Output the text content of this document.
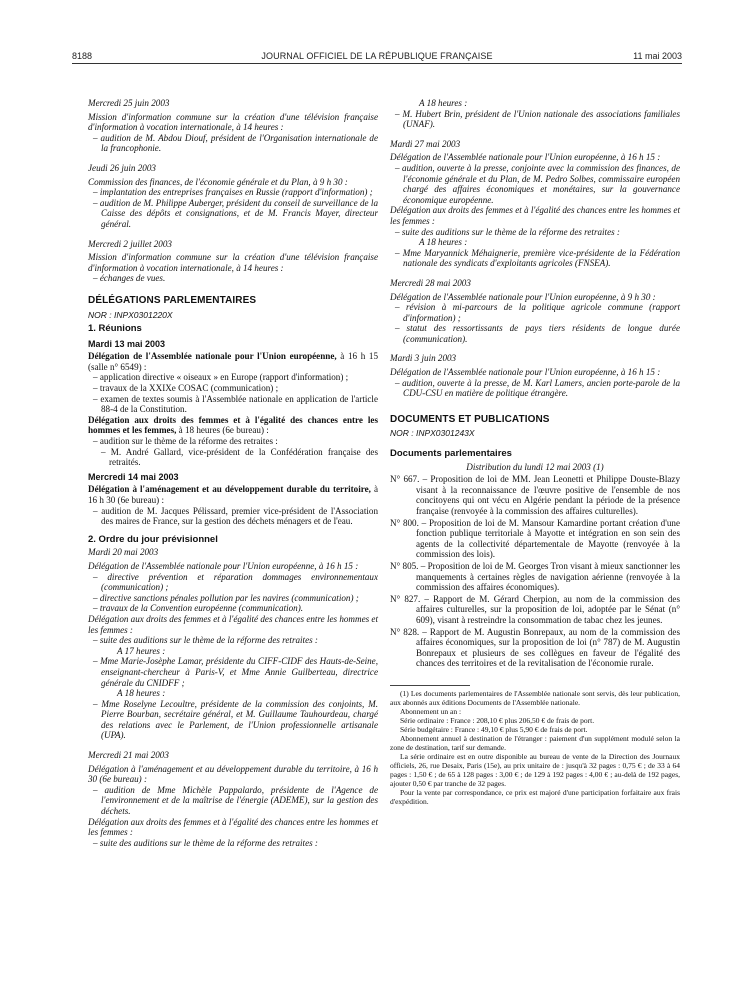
8188	JOURNAL OFFICIEL DE LA RÉPUBLIQUE FRANÇAISE	11 mai 2003

Mercredi 25 juin 2003

Mission d'information commune sur la création d'une télévision française d'information à vocation internationale, à 14 heures :

– audition de M. Abdou Diouf, président de l'Organisation internationale de la francophonie.

Jeudi 26 juin 2003

Commission des finances, de l'économie générale et du Plan, à 9 h 30 :

– implantation des entreprises françaises en Russie (rapport d'information) ;

– audition de M. Philippe Auberger, président du conseil de surveillance de la Caisse des dépôts et consignations, et de M. Francis Mayer, directeur général.

Mercredi 2 juillet 2003

Mission d'information commune sur la création d'une télévision française d'information à vocation internationale, à 14 heures :

– échanges de vues.

DÉLÉGATIONS PARLEMENTAIRES

NOR : INPX0301220X

1. Réunions

Mardi 13 mai 2003

Délégation de l'Assemblée nationale pour l'Union européenne, à 16 h 15 (salle n° 6549) :

– application directive « oiseaux » en Europe (rapport d'information) ;

– travaux de la XXIXe COSAC (communication) ;

– examen de textes soumis à l'Assemblée nationale en application de l'article 88-4 de la Constitution.

Délégation aux droits des femmes et à l'égalité des chances entre les hommes et les femmes, à 18 heures (6e bureau) :

– audition sur le thème de la réforme des retraites :

– M. André Gallard, vice-président de la Confédération française des retraités.

Mercredi 14 mai 2003

Délégation à l'aménagement et au développement durable du territoire, à 16 h 30 (6e bureau) :

– audition de M. Jacques Pélissard, premier vice-président de l'Association des maires de France, sur la gestion des déchets ménagers et de l'eau.

2. Ordre du jour prévisionnel

Mardi 20 mai 2003

Délégation de l'Assemblée nationale pour l'Union européenne, à 16 h 15 :

– directive prévention et réparation dommages environnementaux (communication) ;

– directive sanctions pénales pollution par les navires (communication) ;

– travaux de la Convention européenne (communication).

Délégation aux droits des femmes et à l'égalité des chances entre les hommes et les femmes :

– suite des auditions sur le thème de la réforme des retraites :

A 17 heures :

– Mme Marie-Josèphe Lamar, présidente du CIFF-CIDF des Hauts-de-Seine, enseignant-chercheur à Paris-V, et Mme Annie Guilberteau, directrice générale du CNIDFF ;

A 18 heures :

– Mme Roselyne Lecoultre, présidente de la commission des conjoints, M. Pierre Bourban, secrétaire général, et M. Guillaume Tauhourdeau, chargé des relations avec le Parlement, de l'Union professionnelle artisanale (UPA).

Mercredi 21 mai 2003

Délégation à l'aménagement et au développement durable du territoire, à 16 h 30 (6e bureau) :

– audition de Mme Michèle Pappalardo, présidente de l'Agence de l'environnement et de la maîtrise de l'énergie (ADEME), sur la gestion des déchets.

Délégation aux droits des femmes et à l'égalité des chances entre les hommes et les femmes :

– suite des auditions sur le thème de la réforme des retraites :

A 18 heures :

– M. Hubert Brin, président de l'Union nationale des associations familiales (UNAF).

Mardi 27 mai 2003

Délégation de l'Assemblée nationale pour l'Union européenne, à 16 h 15 :

– audition, ouverte à la presse, conjointe avec la commission des finances, de l'économie générale et du Plan, de M. Pedro Solbes, commissaire européen chargé des affaires économiques et monétaires, sur la gouvernance économique européenne.

Délégation aux droits des femmes et à l'égalité des chances entre les hommes et les femmes :

– suite des auditions sur le thème de la réforme des retraites :

A 18 heures :

– Mme Maryannick Méhaignerie, première vice-présidente de la Fédération nationale des syndicats d'exploitants agricoles (FNSEA).

Mercredi 28 mai 2003

Délégation de l'Assemblée nationale pour l'Union européenne, à 9 h 30 :

– révision à mi-parcours de la politique agricole commune (rapport d'information) ;

– statut des ressortissants de pays tiers résidents de longue durée (communication).

Mardi 3 juin 2003

Délégation de l'Assemblée nationale pour l'Union européenne, à 16 h 15 :

– audition, ouverte à la presse, de M. Karl Lamers, ancien porte-parole de la CDU-CSU en matière de politique étrangère.

DOCUMENTS ET PUBLICATIONS

NOR : INPX0301243X

Documents parlementaires

Distribution du lundi 12 mai 2003 (1)

N° 667. – Proposition de loi de MM. Jean Leonetti et Philippe Douste-Blazy visant à la reconnaissance de l'œuvre positive de l'ensemble de nos concitoyens qui ont vécu en Algérie pendant la période de la présence française (renvoyée à la commission des affaires culturelles).

N° 800. – Proposition de loi de M. Mansour Kamardine portant création d'une fonction publique territoriale à Mayotte et intégration en son sein des agents de la collectivité départementale de Mayotte (renvoyée à la commission des lois).

N° 805. – Proposition de loi de M. Georges Tron visant à mieux sanctionner les manquements à certaines règles de navigation aérienne (renvoyée à la commission des affaires économiques).

N° 827. – Rapport de M. Gérard Cherpion, au nom de la commission des affaires culturelles, sur la proposition de loi, adoptée par le Sénat (n° 609), visant à restreindre la consommation de tabac chez les jeunes.

N° 828. – Rapport de M. Augustin Bonrepaux, au nom de la commission des affaires économiques, sur la proposition de loi (n° 787) de M. Augustin Bonrepaux et plusieurs de ses collègues en faveur de l'égalité des chances des territoires et de la revitalisation de l'économie rurale.

(1) Les documents parlementaires de l'Assemblée nationale sont servis, dès leur publication, aux abonnés aux éditions Documents de l'Assemblée nationale.

Abonnement un an :

Série ordinaire : France : 208,10 € plus 206,50 € de frais de port.

Série budgétaire : France : 49,10 € plus 5,90 € de frais de port.

Abonnement annuel à destination de l'étranger : paiement d'un supplément modulé selon la zone de destination, tarif sur demande.

La série ordinaire est en outre disponible au bureau de vente de la Direction des Journaux officiels, 26, rue Desaix, Paris (15e), au prix unitaire de : jusqu'à 32 pages : 0,75 € ; de 33 à 64 pages : 1,50 € ; de 65 à 128 pages : 3,00 € ; de 129 à 192 pages : 4,00 € ; au-delà de 192 pages, ajouter 0,50 € par tranche de 32 pages.

Pour la vente par correspondance, ce prix est majoré d'une participation forfaitaire aux frais d'expédition.
